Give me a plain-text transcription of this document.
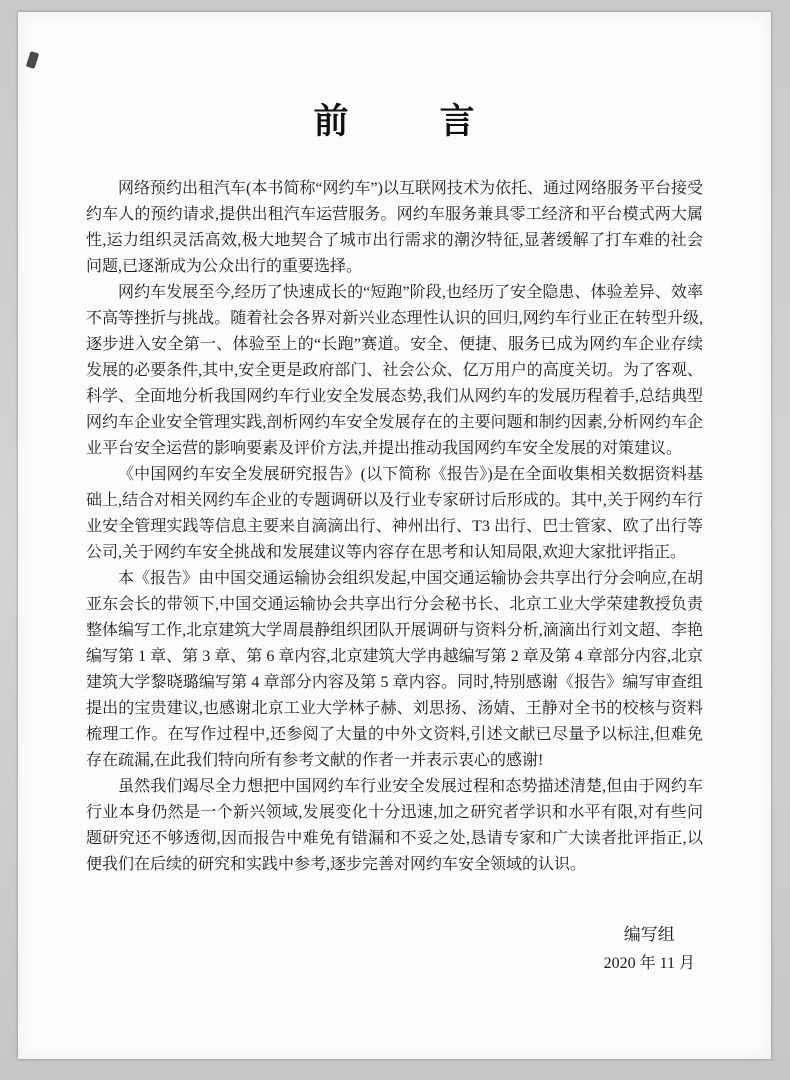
前	言

网络预约出租汽车(本书简称“网约车”)以互联网技术为依托、通过网络服务平台接受约车人的预约请求,提供出租汽车运营服务。网约车服务兼具零工经济和平台模式两大属性,运力组织灵活高效,极大地契合了城市出行需求的潮汐特征,显著缓解了打车难的社会问题,已逐渐成为公众出行的重要选择。

网约车发展至今,经历了快速成长的“短跑”阶段,也经历了安全隐患、体验差异、效率不高等挫折与挑战。随着社会各界对新兴业态理性认识的回归,网约车行业正在转型升级,逐步进入安全第一、体验至上的“长跑”赛道。安全、便捷、服务已成为网约车企业存续发展的必要条件,其中,安全更是政府部门、社会公众、亿万用户的高度关切。为了客观、科学、全面地分析我国网约车行业安全发展态势,我们从网约车的发展历程着手,总结典型网约车企业安全管理实践,剖析网约车安全发展存在的主要问题和制约因素,分析网约车企业平台安全运营的影响要素及评价方法,并提出推动我国网约车安全发展的对策建议。

《中国网约车安全发展研究报告》(以下简称《报告》)是在全面收集相关数据资料基础上,结合对相关网约车企业的专题调研以及行业专家研讨后形成的。其中,关于网约车行业安全管理实践等信息主要来自滴滴出行、神州出行、T3 出行、巴士管家、欧了出行等公司,关于网约车安全挑战和发展建议等内容存在思考和认知局限,欢迎大家批评指正。

本《报告》由中国交通运输协会组织发起,中国交通运输协会共享出行分会响应,在胡亚东会长的带领下,中国交通运输协会共享出行分会秘书长、北京工业大学荣建教授负责整体编写工作,北京建筑大学周晨静组织团队开展调研与资料分析,滴滴出行刘文超、李艳编写第 1 章、第 3 章、第 6 章内容,北京建筑大学冉越编写第 2 章及第 4 章部分内容,北京建筑大学黎晓璐编写第 4 章部分内容及第 5 章内容。同时,特别感谢《报告》编写审查组提出的宝贵建议,也感谢北京工业大学林子赫、刘思扬、汤婧、王静对全书的校核与资料梳理工作。在写作过程中,还参阅了大量的中外文资料,引述文献已尽量予以标注,但难免存在疏漏,在此我们特向所有参考文献的作者一并表示衷心的感谢!

虽然我们竭尽全力想把中国网约车行业安全发展过程和态势描述清楚,但由于网约车行业本身仍然是一个新兴领域,发展变化十分迅速,加之研究者学识和水平有限,对有些问题研究还不够透彻,因而报告中难免有错漏和不妥之处,恳请专家和广大读者批评指正,以便我们在后续的研究和实践中参考,逐步完善对网约车安全领域的认识。

编写组
2020 年 11 月
